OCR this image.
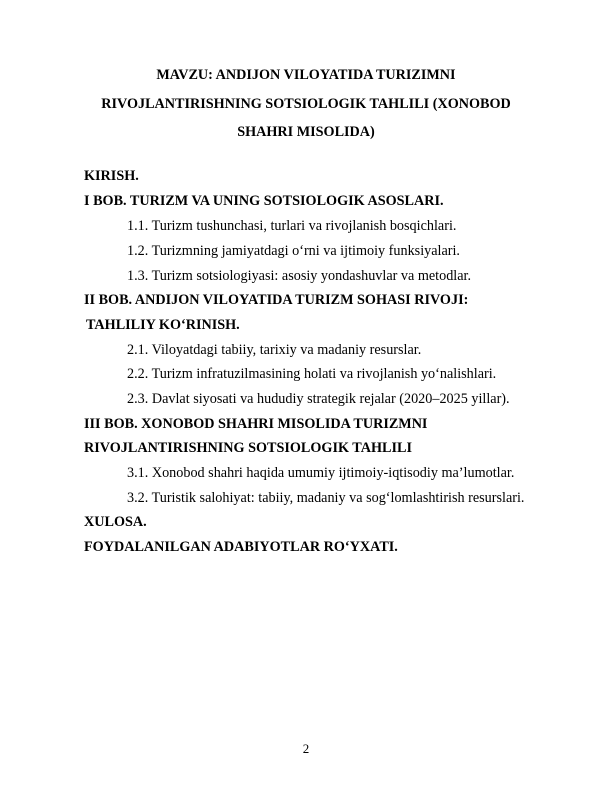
MAVZU: ANDIJON VILOYATIDA TURIZIMNI
RIVOJLANTIRISHNING SOTSIOLOGIK TAHLILI (XONOBOD
SHAHRI MISOLIDA)
KIRISH.
I BOB. TURIZM VA UNING SOTSIOLOGIK ASOSLARI.
1.1. Turizm tushunchasi, turlari va rivojlanish bosqichlari.
1.2. Turizmning jamiyatdagi o‘rni va ijtimoiy funksiyalari.
1.3. Turizm sotsiologiyasi: asosiy yondashuvlar va metodlar.
II BOB. ANDIJON VILOYATIDA TURIZM SOHASI RIVOJI:
TAHLILIY KO‘RINISH.
2.1. Viloyatdagi tabiiy, tarixiy va madaniy resurslar.
2.2. Turizm infratuzilmasining holati va rivojlanish yo‘nalishlari.
2.3. Davlat siyosati va hududiy strategik rejalar (2020–2025 yillar).
III BOB. XONOBOD SHAHRI MISOLIDA TURIZMNI
RIVOJLANTIRISHNING SOTSIOLOGIK TAHLILI
3.1. Xonobod shahri haqida umumiy ijtimoiy-iqtisodiy ma’lumotlar.
3.2. Turistik salohiyat: tabiiy, madaniy va sog‘lomlashtirish resurslari.
XULOSA.
FOYDALANILGAN ADABIYOTLAR RO‘YXATI.
2
